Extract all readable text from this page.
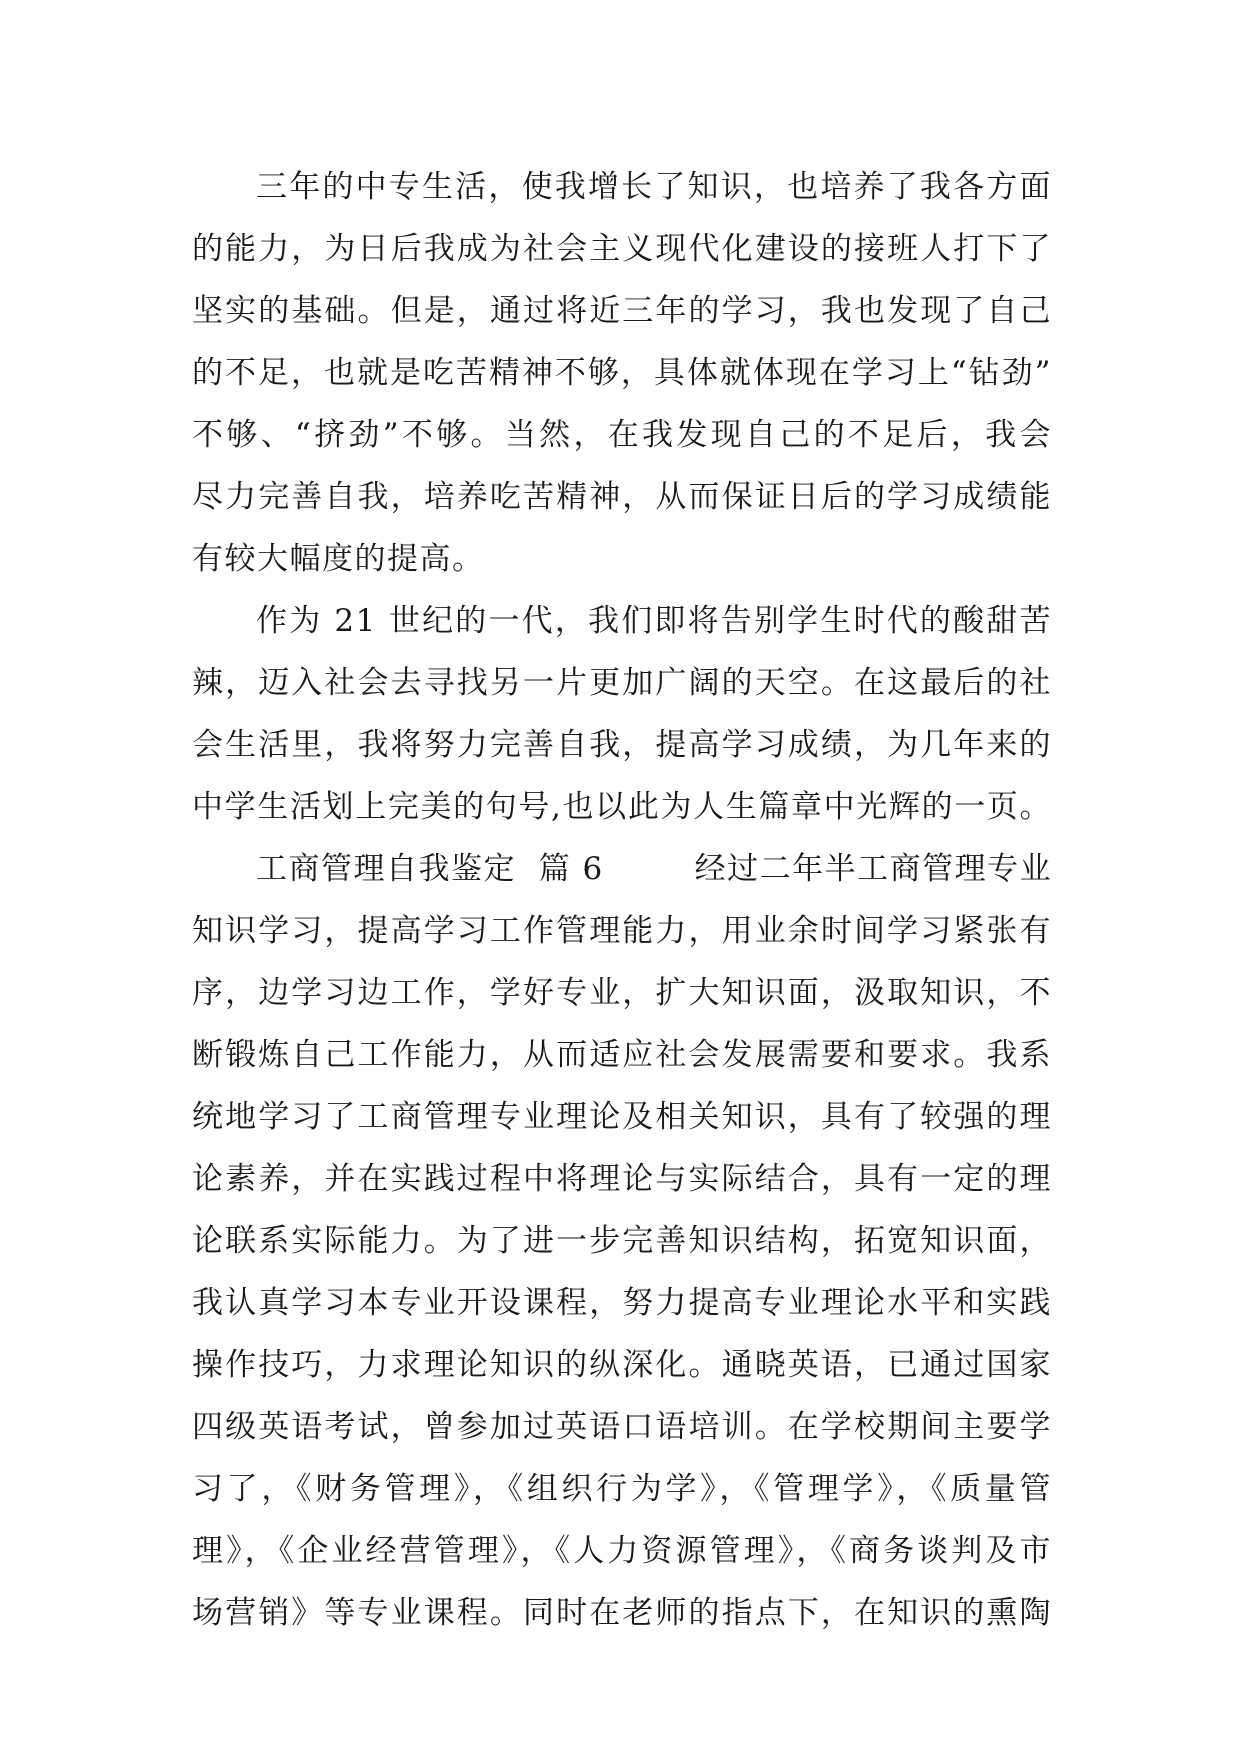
三年的中专生活，使我增长了知识，也培养了我各方面
的能力，为日后我成为社会主义现代化建设的接班人打下了
坚实的基础。但是，通过将近三年的学习，我也发现了自己
的不足，也就是吃苦精神不够，具体就体现在学习上“钻劲”
不够、“挤劲”不够。当然，在我发现自己的不足后，我会
尽力完善自我，培养吃苦精神，从而保证日后的学习成绩能
有较大幅度的提高。
作为 21 世纪的一代，我们即将告别学生时代的酸甜苦
辣，迈入社会去寻找另一片更加广阔的天空。在这最后的社
会生活里，我将努力完善自我，提高学习成绩，为几年来的
中学生活划上完美的句号,也以此为人生篇章中光辉的一页。
工商管理自我鉴定  篇 6        经过二年半工商管理专业
知识学习，提高学习工作管理能力，用业余时间学习紧张有
序，边学习边工作，学好专业，扩大知识面，汲取知识，不
断锻炼自己工作能力，从而适应社会发展需要和要求。我系
统地学习了工商管理专业理论及相关知识，具有了较强的理
论素养，并在实践过程中将理论与实际结合，具有一定的理
论联系实际能力。为了进一步完善知识结构，拓宽知识面，
我认真学习本专业开设课程，努力提高专业理论水平和实践
操作技巧，力求理论知识的纵深化。通晓英语，已通过国家
四级英语考试，曾参加过英语口语培训。在学校期间主要学
习了，《财务管理》，《组织行为学》，《管理学》，《质量管
理》，《企业经营管理》，《人力资源管理》，《商务谈判及市
场营销》等专业课程。同时在老师的指点下，在知识的熏陶
